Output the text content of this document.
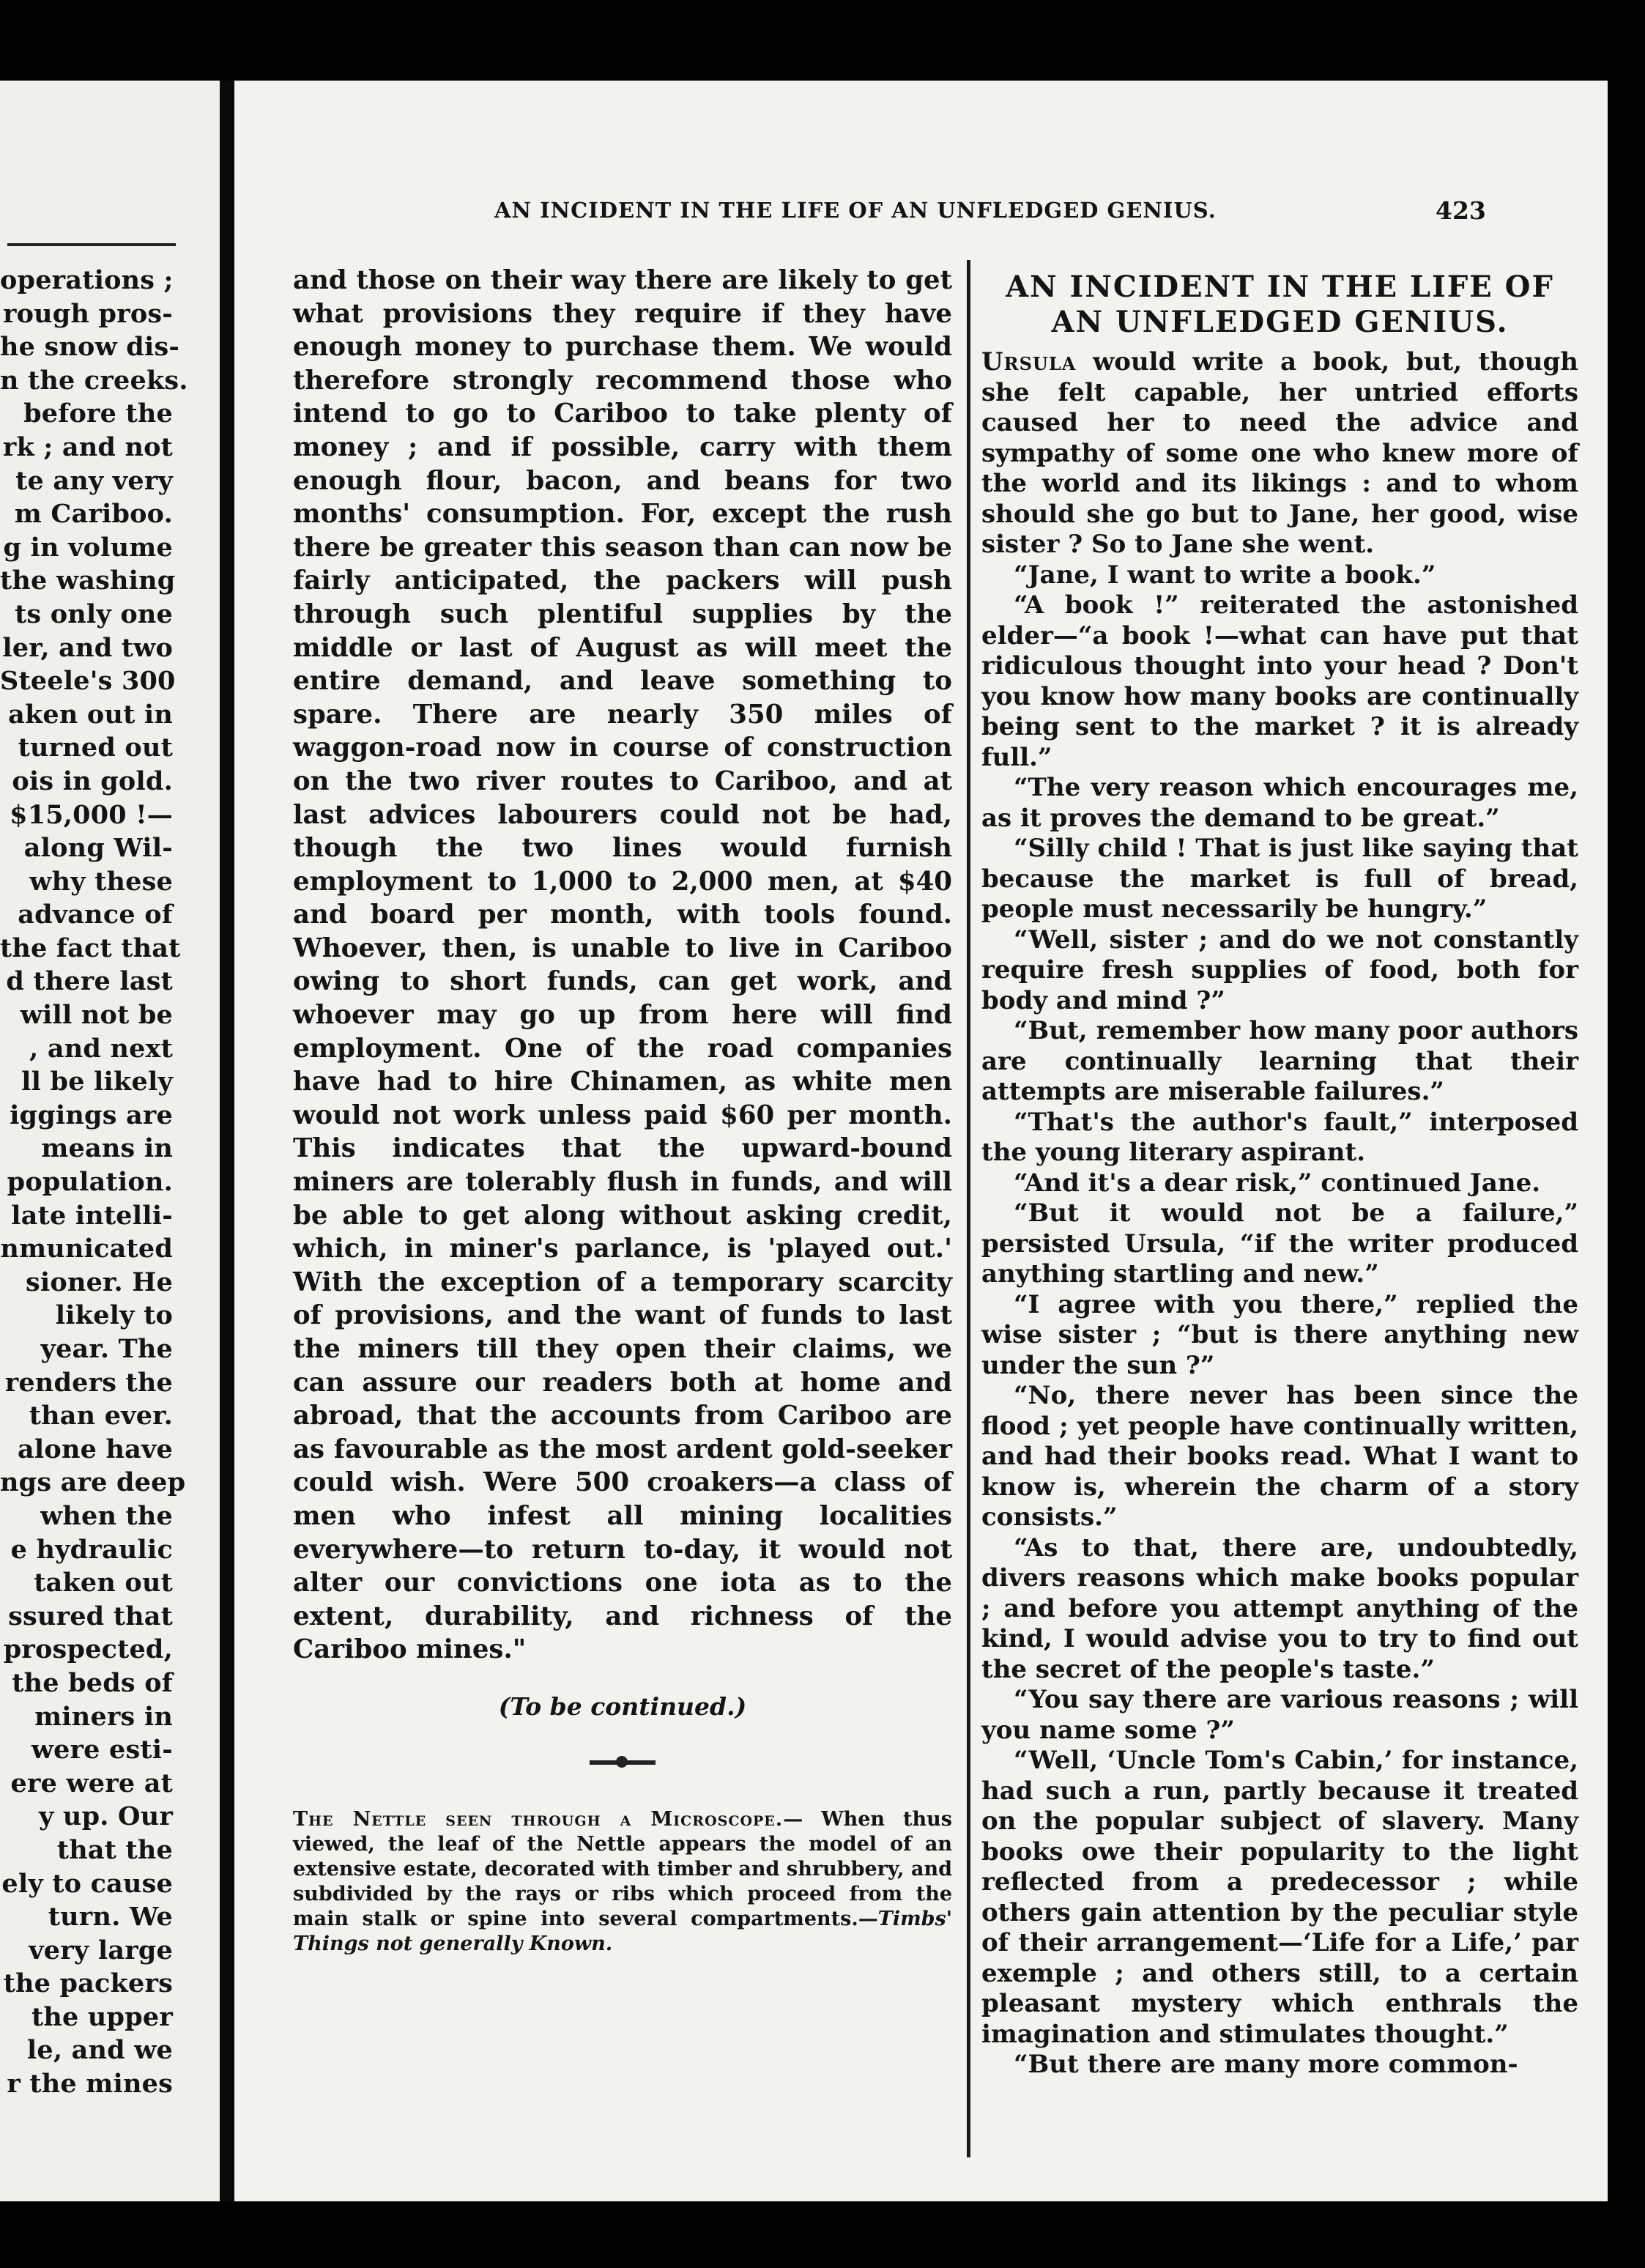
operations ;
rough pros-
he snow dis-
n the creeks.
before the
rk ; and not
te any very
m Cariboo.
g in volume
the washing
ts only one
ler, and two
Steele's 300
aken out in
turned out
ois in gold.
$15,000 !—
along Wil-
why these
advance of
the fact that
d there last
will not be
, and next
ll be likely
iggings are
means in
population.
late intelli-
nmunicated
sioner. He
likely to
year. The
renders the
than ever.
alone have
ngs are deep
when the
e hydraulic
taken out
ssured that
prospected,
the beds of
miners in
were esti-
ere were at
y up. Our
that the
ely to cause
turn. We
very large
the packers
the upper
le, and we
r the mines
AN INCIDENT IN THE LIFE OF AN UNFLEDGED GENIUS.	423

and those on their way there are likely to get what provisions they require if they have enough money to purchase them. We would therefore strongly recommend those who intend to go to Cariboo to take plenty of money ; and if possible, carry with them enough flour, bacon, and beans for two months' consumption. For, except the rush there be greater this season than can now be fairly anticipated, the packers will push through such plentiful supplies by the middle or last of August as will meet the entire demand, and leave something to spare. There are nearly 350 miles of waggon-road now in course of construction on the two river routes to Cariboo, and at last advices labourers could not be had, though the two lines would furnish employment to 1,000 to 2,000 men, at $40 and board per month, with tools found. Whoever, then, is unable to live in Cariboo owing to short funds, can get work, and whoever may go up from here will find employment. One of the road companies have had to hire Chinamen, as white men would not work unless paid $60 per month. This indicates that the upward-bound miners are tolerably flush in funds, and will be able to get along without asking credit, which, in miner's parlance, is 'played out.' With the exception of a temporary scarcity of provisions, and the want of funds to last the miners till they open their claims, we can assure our readers both at home and abroad, that the accounts from Cariboo are as favourable as the most ardent gold-seeker could wish. Were 500 croakers—a class of men who infest all mining localities everywhere—to return to-day, it would not alter our convictions one iota as to the extent, durability, and richness of the Cariboo mines."

(To be continued.)
The Nettle seen through a Microscope.— When thus viewed, the leaf of the Nettle appears the model of an extensive estate, decorated with timber and shrubbery, and subdivided by the rays or ribs which proceed from the main stalk or spine into several compartments.—Timbs' Things not generally Known.
AN INCIDENT IN THE LIFE OF AN UNFLEDGED GENIUS.

Ursula would write a book, but, though she felt capable, her untried efforts caused her to need the advice and sympathy of some one who knew more of the world and its likings : and to whom should she go but to Jane, her good, wise sister ? So to Jane she went.

“Jane, I want to write a book.”

“A book !” reiterated the astonished elder—“a book !—what can have put that ridiculous thought into your head ? Don't you know how many books are continually being sent to the market ? it is already full.”

“The very reason which encourages me, as it proves the demand to be great.”

“Silly child ! That is just like saying that because the market is full of bread, people must necessarily be hungry.”

“Well, sister ; and do we not constantly require fresh supplies of food, both for body and mind ?”

“But, remember how many poor authors are continually learning that their attempts are miserable failures.”

“That's the author's fault,” interposed the young literary aspirant.

“And it's a dear risk,” continued Jane.

“But it would not be a failure,” persisted Ursula, “if the writer produced anything startling and new.”

“I agree with you there,” replied the wise sister ; “but is there anything new under the sun ?”

“No, there never has been since the flood ; yet people have continually written, and had their books read. What I want to know is, wherein the charm of a story consists.”

“As to that, there are, undoubtedly, divers reasons which make books popular ; and before you attempt anything of the kind, I would advise you to try to find out the secret of the people's taste.”

“You say there are various reasons ; will you name some ?”

“Well, ‘Uncle Tom's Cabin,’ for instance, had such a run, partly because it treated on the popular subject of slavery. Many books owe their popularity to the light reflected from a predecessor ; while others gain attention by the peculiar style of their arrangement—‘Life for a Life,’ par exemple ; and others still, to a certain pleasant mystery which enthrals the imagination and stimulates thought.”

“But there are many more common-
